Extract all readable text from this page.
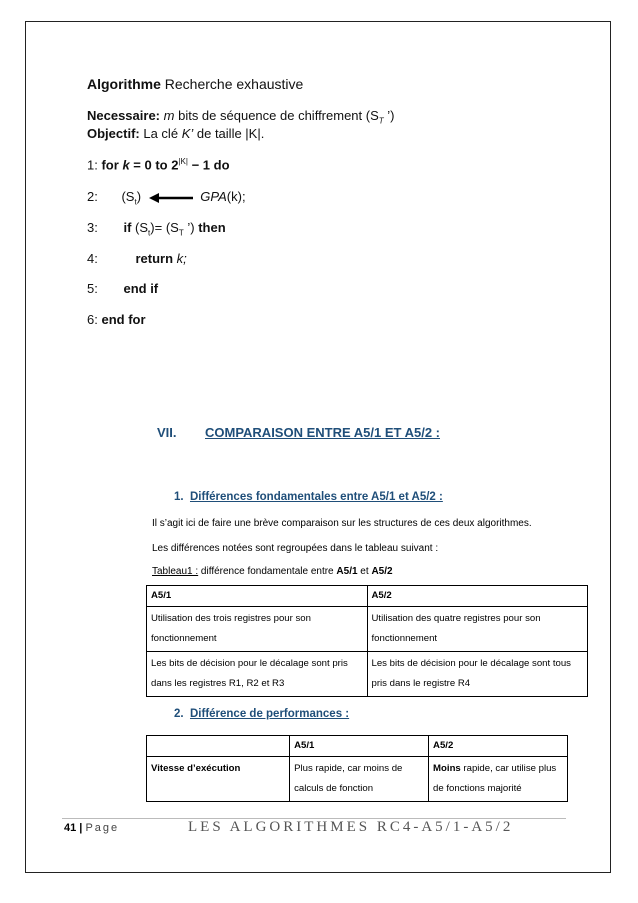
Algorithme Recherche exhaustive
Necessaire: m bits de séquence de chiffrement ($S_T$ ’)
Objectif: La clé K’ de taille |K|.
1: for k = 0 to $2^{|K|} - 1$ do
2: $(S_t)$	GPA(k);
3: if $(S_t)= (S_T$ ’) then
4:	return k;
5: end if
6: end for
VII. COMPARAISON ENTRE A5/1 ET A5/2 :
1. Différences fondamentales entre A5/1 et A5/2 :
Il s’agit ici de faire une brève comparaison sur les structures de ces deux algorithmes.
Les différences notées sont regroupées dans le tableau suivant :
Tableau1 : différence fondamentale entre A5/1 et A5/2
A5/1	A5/2
Utilisation des trois registres pour son fonctionnement	Utilisation des quatre registres pour son fonctionnement
Les bits de décision pour le décalage sont pris dans les registres R1, R2 et R3	Les bits de décision pour le décalage sont tous pris dans le registre R4
2. Différence de performances :
	A5/1	A5/2
Vitesse d’exécution	Plus rapide, car moins de calculs de fonction	Moins rapide, car utilise plus de fonctions majorité
41 | Page	LES ALGORITHMES RC4-A5/1-A5/2
